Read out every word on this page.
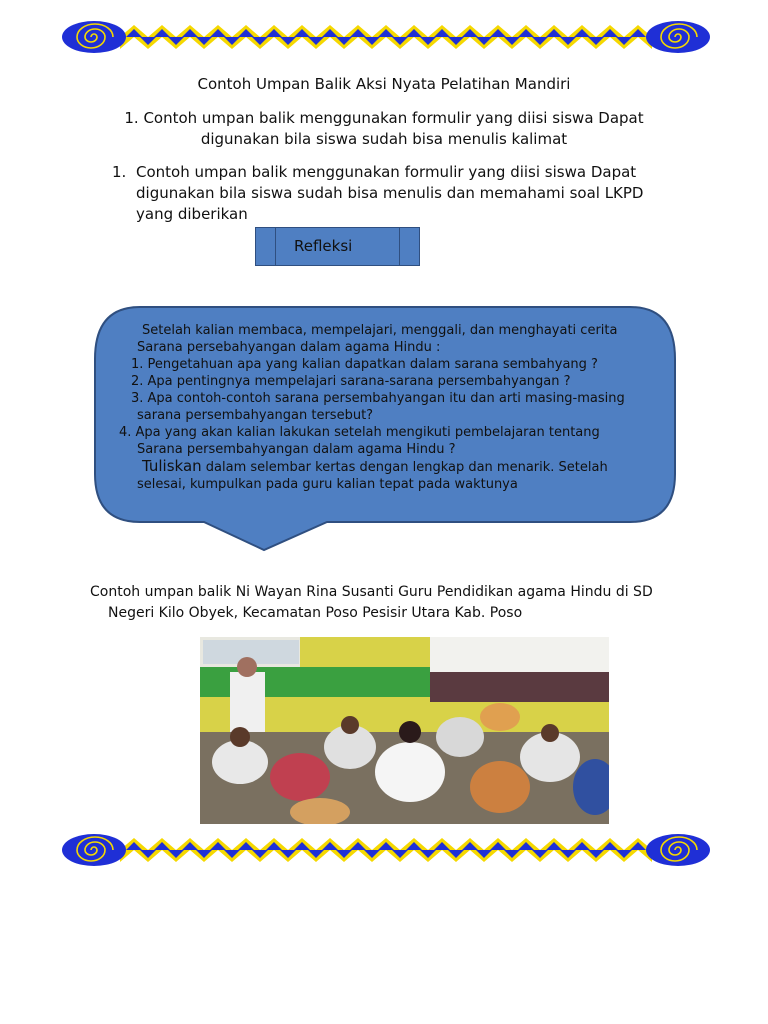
Contoh Umpan Balik Aksi Nyata Pelatihan Mandiri
1. Contoh umpan balik menggunakan formulir yang diisi siswa Dapat
digunakan bila siswa sudah bisa menulis kalimat
1. Contoh umpan balik menggunakan formulir yang diisi siswa Dapat
digunakan bila siswa sudah bisa menulis dan memahami soal LKPD
yang diberikan
Refleksi
Setelah kalian membaca, mempelajari, menggali, dan menghayati cerita
Sarana persebahyangan dalam agama Hindu :
1. Pengetahuan apa yang kalian dapatkan dalam sarana sembahyang ?
2. Apa pentingnya mempelajari sarana-sarana persembahyangan ?
3. Apa contoh-contoh sarana persembahyangan itu dan arti masing-masing
sarana persembahyangan tersebut?
4. Apa yang akan kalian lakukan setelah mengikuti pembelajaran tentang
Sarana persembahyangan dalam agama Hindu ?
Tuliskan dalam selembar kertas dengan lengkap dan menarik. Setelah
selesai, kumpulkan pada guru kalian tepat pada waktunya
Contoh umpan balik Ni Wayan Rina Susanti Guru Pendidikan agama Hindu di SD
Negeri Kilo Obyek, Kecamatan Poso Pesisir Utara Kab. Poso
